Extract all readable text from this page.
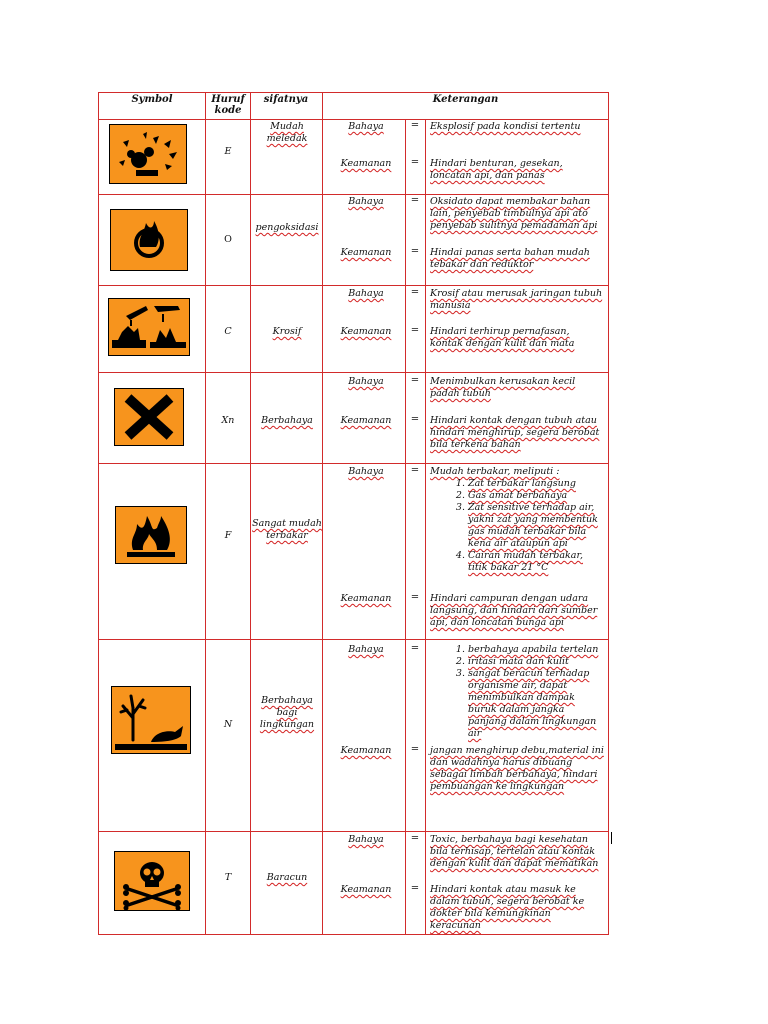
Symbol	Huruf kode
sifatnya	Keterangan
E
Mudah meledak
Bahaya	=	Eksplosif pada kondisi tertentu
Keamanan	=	Hindari benturan, gesekan, loncatan api, dan panas
O
pengoksidasi
Bahaya	=	Oksidato dapat membakar bahan lain, penyebab timbulnya api ato penyebab sulitnya pemadaman api
Keamanan	=	Hindai panas serta bahan mudah tebakar dan reduktor
C	Krosif
Bahaya	=	Krosif atau merusak jaringan tubuh manusia
Keamanan	=	Hindari terhirup pernafasan, kontak dengan kulit dan mata
Xn	Berbahaya
Bahaya	=	Menimbulkan kerusakan kecil padah tubuh
Keamanan	=	Hindari kontak dengan tubuh atau hindari menghirup, segera berobat bila terkena bahan
F
Sangat mudah terbakar
Bahaya	=	Mudah terbakar, meliputi :
1. Zat terbakar langsung
2. Gas amat berbahaya
3. Zat sensitive terhadap air, yakni zat yang membentuk gas mudah terbakar bila kena air ataupun api
4. Cairan mudah terbakar, titik bakar 21 °C
Keamanan	=	Hindari campuran dengan udara langsung, dan hindari dari sumber api, dan loncatan bunga api
N
Berbahaya bagi lingkungan
Bahaya	=
1.	berbahaya apabila tertelan
2. iritasi mata dan kulit
3. sangat beracun terhadap organisme air, dapat menimbulkan dampak buruk dalam jangka panjang dalam lingkungan air
Keamanan	=	jangan menghirup debu,material ini dan wadahnya harus dibuang sebagai limbah berbahaya, hindari pembuangan ke lingkungan
T	Baracun
Bahaya	=	Toxic, berbahaya bagi kesehatan bila terhisap, tertelan atau kontak dengan kulit dan dapat mematikan
Keamanan	=	Hindari kontak atau masuk ke dalam tubuh, segera berobat ke dokter bila kemungkinan keracunan
